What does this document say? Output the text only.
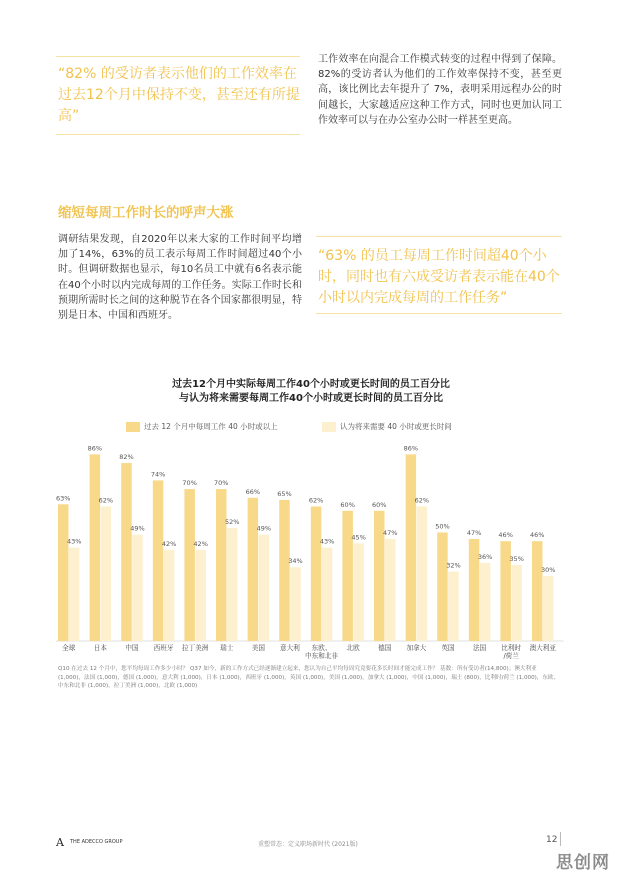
“82% 的受访者表示他们的工作效率在过去12个月中保持不变，甚至还有所提高”
工作效率在向混合工作模式转变的过程中得到了保障。82%的受访者认为他们的工作效率保持不变，甚至更高，该比例比去年提升了 7%，表明采用远程办公的时间越长，大家越适应这种工作方式，同时也更加认同工作效率可以与在办公室办公时一样甚至更高。
缩短每周工作时长的呼声大涨
调研结果发现，自2020年以来大家的工作时间平均增加了14%，63%的员工表示每周工作时间超过40个小时。但调研数据也显示，每10名员工中就有6名表示能在40个小时以内完成每周的工作任务。实际工作时长和预期所需时长之间的这种脱节在各个国家都很明显，特别是日本、中国和西班牙。
“63% 的员工每周工作时间超40个小时，同时也有六成受访者表示能在40个小时以内完成每周的工作任务”
过去12个月中实际每周工作40个小时或更长时间的员工百分比
与认为将来需要每周工作40个小时或更长时间的员工百分比
过去 12 个月中每周工作 40 小时或以上	认为将来需要 40 小时或更长时间
63%
43%
全球
86%
62%
日本
82%
49%
中国
74%
42%
西班牙
70%
42%
拉丁美洲
70%
52%
瑞士
66%
49%
美国
65%
34%
意大利
62%
43%
东欧、
中东和北非
60%
45%
北欧
60%
47%
德国
86%
62%
加拿大
50%
32%
英国
47%
36%
法国
46%
35%
比利时
/荷兰
46%
30%
澳大利亚
Q10 在过去 12 个月中，您平均每周工作多少小时？ Q37 如今，新的工作方式已经逐渐建立起来，您认为自己平均每周究竟要花多长时间才能完成工作？ 基数：所有受访者(14,800)；澳大利亚 (1,000)，法国 (1,000)，德国 (1,000)，意大利 (1,000)，日本 (1,000)，西班牙 (1,000)，英国 (1,000)，美国 (1,000)，加拿大 (1,000)，中国 (1,000)，瑞士 (800)，比利时/荷兰 (1,000)，东欧、中东和北非 (1,000)，拉丁美洲 (1,000)，北欧 (1,000)
A THE ADECCO GROUP	重塑常态：定义职场新时代 (2021版)	12
思创网
